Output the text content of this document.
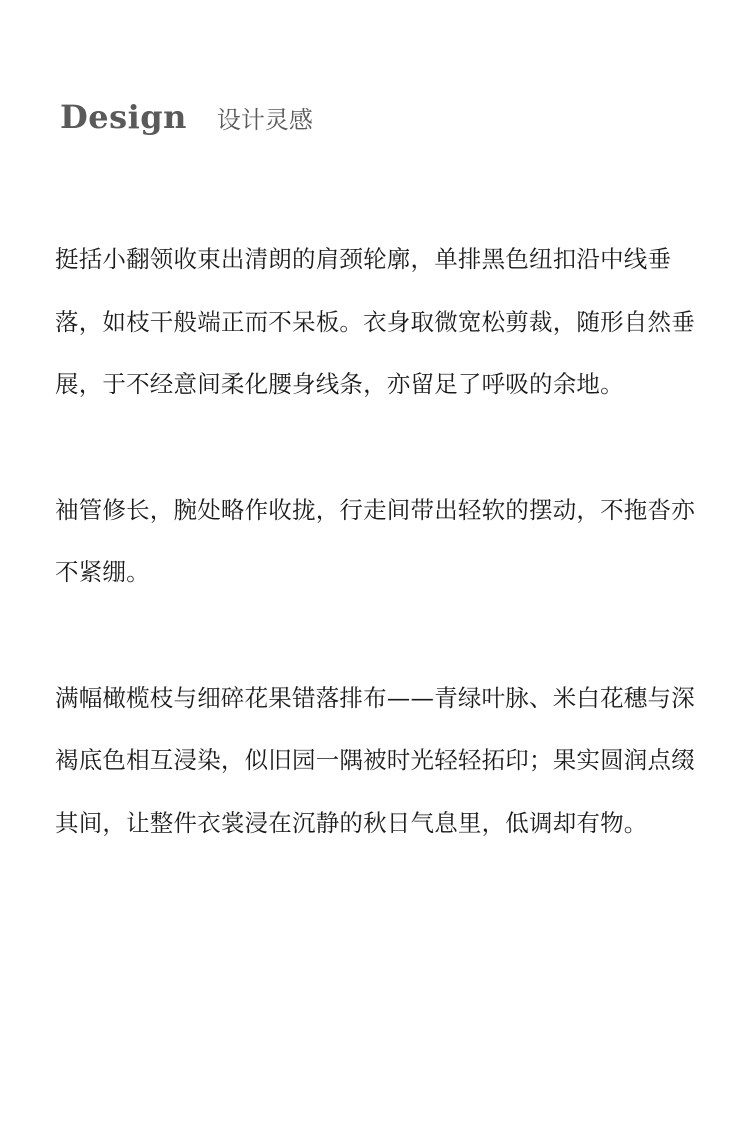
Design 设计灵感

挺括小翻领收束出清朗的肩颈轮廓，单排黑色纽扣沿中线垂落，如枝干般端正而不呆板。衣身取微宽松剪裁，随形自然垂展，于不经意间柔化腰身线条，亦留足了呼吸的余地。

袖管修长，腕处略作收拢，行走间带出轻软的摆动，不拖沓亦不紧绷。

满幅橄榄枝与细碎花果错落排布——青绿叶脉、米白花穗与深褐底色相互浸染，似旧园一隅被时光轻轻拓印；果实圆润点缀其间，让整件衣裳浸在沉静的秋日气息里，低调却有物。
